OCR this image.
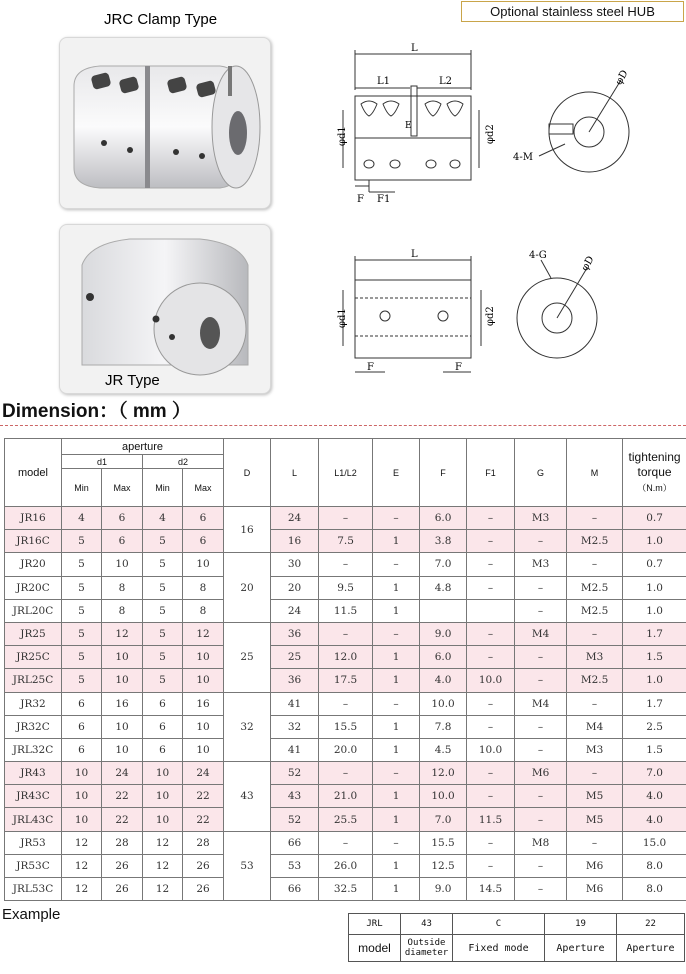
Optional stainless steel HUB
JRC Clamp Type
JR Type
L
L1	L2
E
φd1	φd2
F F1
φD
4-M
L
φd1	φd2
F	F
4-G	φD
Dimension：（ mm ）
model	aperture				D	L	L1/L2	E	F	F1	G	M	tightening torque
（N.m）
	d1		d2										
	Min	Max	Min	Max									
JR16	4	6	4	6	16	24	–	–	6.0	–	M3	–	0.7
JR16C	5	6	5	6		16	7.5	1	3.8	–	–	M2.5	1.0
JR20	5	10	5	10	20	30	–	–	7.0	–	M3	–	0.7
JR20C	5	8	5	8		20	9.5	1	4.8	–	–	M2.5	1.0
JRL20C	5	8	5	8		24	11.5	1			–	M2.5	1.0
JR25	5	12	5	12	25	36	–	–	9.0	–	M4	–	1.7
JR25C	5	10	5	10		25	12.0	1	6.0	–	–	M3	1.5
JRL25C	5	10	5	10		36	17.5	1	4.0	10.0	–	M2.5	1.0
JR32	6	16	6	16	32	41	–	–	10.0	–	M4	–	1.7
JR32C	6	10	6	10		32	15.5	1	7.8	–	–	M4	2.5
JRL32C	6	10	6	10		41	20.0	1	4.5	10.0	–	M3	1.5
JR43	10	24	10	24	43	52	–	–	12.0	–	M6	–	7.0
JR43C	10	22	10	22		43	21.0	1	10.0	–	–	M5	4.0
JRL43C	10	22	10	22		52	25.5	1	7.0	11.5	–	M5	4.0
JR53	12	28	12	28	53	66	–	–	15.5	–	M8	–	15.0
JR53C	12	26	12	26		53	26.0	1	12.5	–	–	M6	8.0
JRL53C	12	26	12	26		66	32.5	1	9.0	14.5	–	M6	8.0
Example
JRL	43	C	19	22
model	Outside diameter	Fixed mode	Aperture	Aperture
